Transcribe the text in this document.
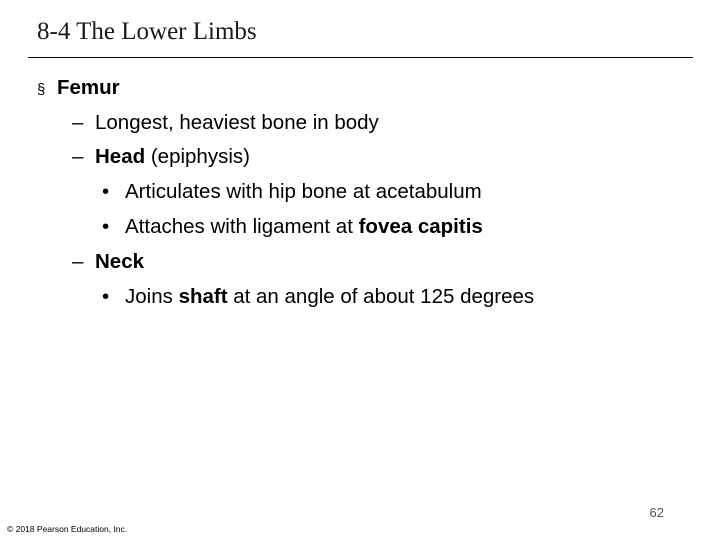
8-4 The Lower Limbs
§ Femur
– Longest, heaviest bone in body
– Head (epiphysis)
• Articulates with hip bone at acetabulum
• Attaches with ligament at fovea capitis
– Neck
• Joins shaft at an angle of about 125 degrees
62
© 2018 Pearson Education, Inc.
